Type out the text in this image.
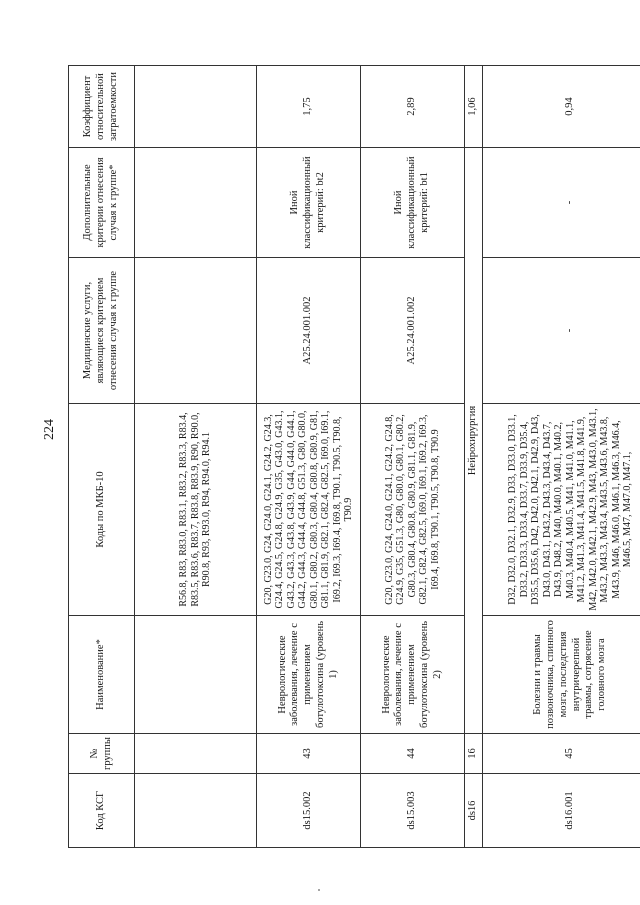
224
Код КСГ	№ группы	Наименование*	Коды по МКБ-10	Медицинские услуги, являющиеся критерием отнесения случая к группе	Дополнительные критерии отнесения случая к группе*	Коэффициент относительной затратоемкости
			R56.8, R83, R83.0, R83.1, R83.2, R83.3, R83.4, R83.5, R83.6, R83.7, R83.8, R83.9, R90, R90.0, R90.8, R93, R93.0, R94, R94.0, R94.1			
ds15.002	43	Неврологические заболевания, лечение с применением ботулотоксина (уровень 1)	G20, G23.0, G24, G24.0, G24.1, G24.2, G24.3, G24.4, G24.5, G24.8, G24.9, G35, G43.0, G43.1, G43.2, G43.3, G43.8, G43.9, G44, G44.0, G44.1, G44.2, G44.3, G44.4, G44.8, G51.3, G80, G80.0, G80.1, G80.2, G80.3, G80.4, G80.8, G80.9, G81, G81.1, G81.9, G82.1, G82.4, G82.5, I69.0, I69.1, I69.2, I69.3, I69.4, I69.8, T90.1, T90.5, T90.8, T90.9	A25.24.001.002	Иной классификационный критерий: bt2	1,75
ds15.003	44	Неврологические заболевания, лечение с применением ботулотоксина (уровень 2)	G20, G23.0, G24, G24.0, G24.1, G24.2, G24.8, G24.9, G35, G51.3, G80, G80.0, G80.1, G80.2, G80.3, G80.4, G80.8, G80.9, G81.1, G81.9, G82.1, G82.4, G82.5, I69.0, I69.1, I69.2, I69.3, I69.4, I69.8, T90.1, T90.5, T90.8, T90.9	A25.24.001.002	Иной классификационный критерий: bt1	2,89
ds16	16	Нейрохирургия				1,06
ds16.001	45	Болезни и травмы позвоночника, спинного мозга, последствия внутричерепной травмы, сотрясение головного мозга	D32, D32.0, D32.1, D32.9, D33, D33.0, D33.1, D33.2, D33.3, D33.4, D33.7, D33.9, D35.4, D35.5, D35.6, D42, D42.0, D42.1, D42.9, D43, D43.0, D43.1, D43.2, D43.3, D43.4, D43.7, D43.9, D48.2, M40, M40.0, M40.1, M40.2, M40.3, M40.4, M40.5, M41, M41.0, M41.1, M41.2, M41.3, M41.4, M41.5, M41.8, M41.9, M42, M42.0, M42.1, M42.9, M43, M43.0, M43.1, M43.2, M43.3, M43.4, M43.5, M43.6, M43.8, M43.9, M46, M46.0, M46.1, M46.3, M46.4, M46.5, M47, M47.0, M47.1,	-	-	0,94
